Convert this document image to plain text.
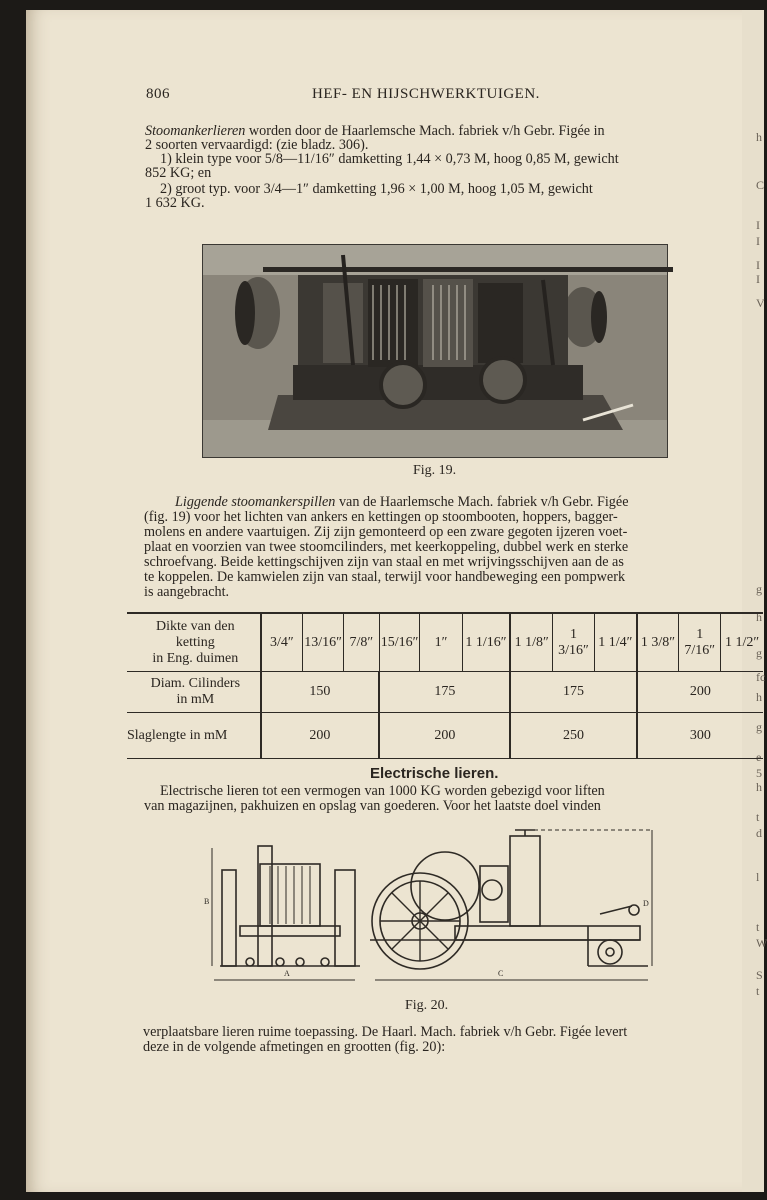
h
C
I
I
I
I
V
g
h
g
fc
h
g
e
5
h
t
d
l
t
W
S
t
806	HEF- EN HIJSCHWERKTUIGEN.
Stoomankerlieren worden door de Haarlemsche Mach. fabriek v/h Gebr. Figée in
2 soorten vervaardigd: (zie bladz. 306).
1) klein type voor 5/8—11/16″ damketting 1,44 × 0,73 M, hoog 0,85 M, gewicht
852 KG; en
2) groot typ. voor 3/4—1″ damketting 1,96 × 1,00 M, hoog 1,05 M, gewicht
1 632 KG.
Fig. 19.
Liggende stoomankerspillen van de Haarlemsche Mach. fabriek v/h Gebr. Figée
(fig. 19) voor het lichten van ankers en kettingen op stoombooten, hoppers, bagger-
molens en andere vaartuigen. Zij zijn gemonteerd op een zware gegoten ijzeren voet-
plaat en voorzien van twee stoomcilinders, met keerkoppeling, dubbel werk en sterke
schroefvang. Beide kettingschijven zijn van staal en met wrijvingsschijven aan de as
te koppelen. De kamwielen zijn van staal, terwijl voor handbeweging een pompwerk
is aangebracht.
Dikte van den
ketting
in Eng. duimen	3/4″	13/16″	7/8″	15/16″	1″	1 1/16″	1 1/8″	1 3/16″	1 1/4″	1 3/8″	1 7/16″	1 1/2″

Diam. Cilinders
in mM	150			175			175			200		
Slaglengte in mM	200			200			250			300		
Electrische lieren.
Electrische lieren tot een vermogen van 1000 KG worden gebezigd voor liften
van magazijnen, pakhuizen en opslag van goederen. Voor het laatste doel vinden
B
A	C
D
Fig. 20.
verplaatsbare lieren ruime toepassing. De Haarl. Mach. fabriek v/h Gebr. Figée levert
deze in de volgende afmetingen en grootten (fig. 20):
